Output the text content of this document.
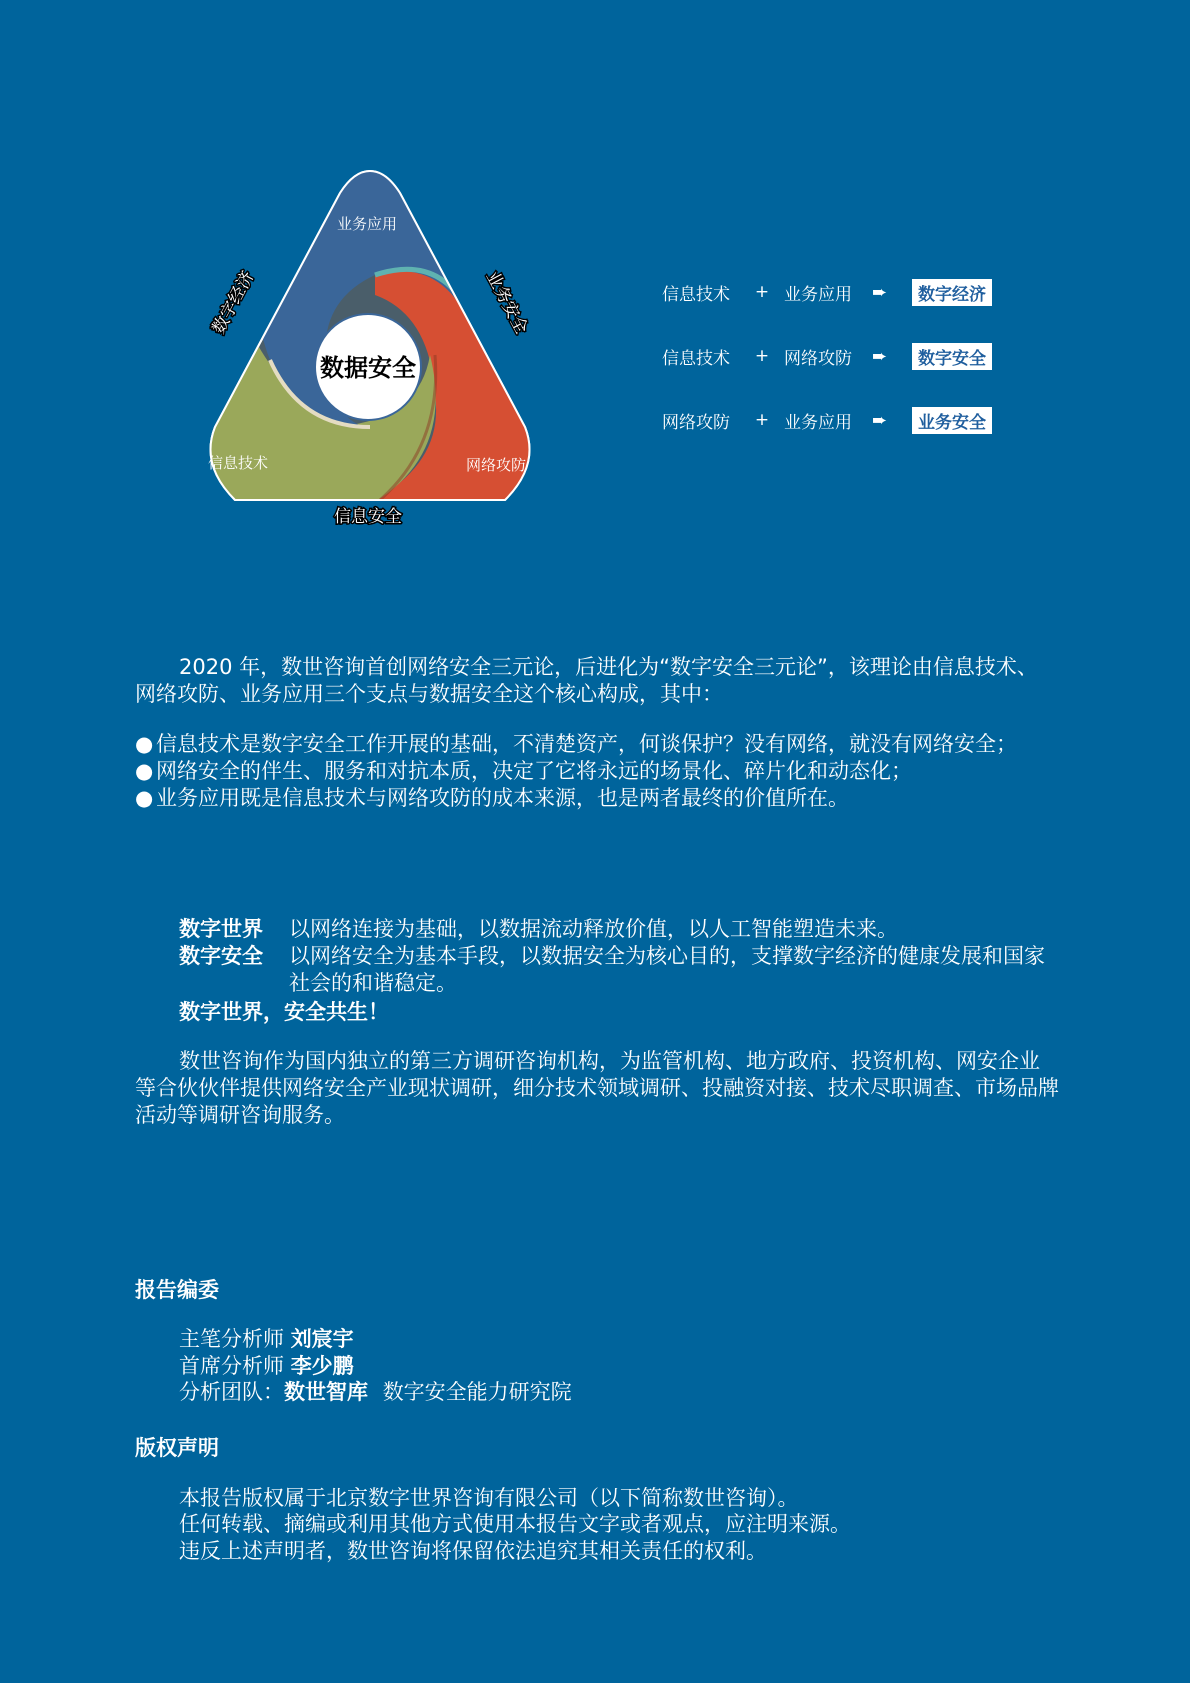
数据安全
业务应用
信息技术	网络攻防
数字经济	业务安全
信息安全
信息技术	+ 业务应用	➨	数字经济
信息技术	+ 网络攻防	➨	数字安全
网络攻防	+ 业务应用	➨	业务安全
2020 年，数世咨询首创网络安全三元论，后进化为“数字安全三元论”，该理论由信息技术、网络攻防、业务应用三个支点与数据安全这个核心构成，其中：
● 信息技术是数字安全工作开展的基础，不清楚资产，何谈保护？没有网络，就没有网络安全；
● 网络安全的伴生、服务和对抗本质，决定了它将永远的场景化、碎片化和动态化；
● 业务应用既是信息技术与网络攻防的成本来源，也是两者最终的价值所在。
数字世界	以网络连接为基础，以数据流动释放价值，以人工智能塑造未来。
数字安全	以网络安全为基本手段，以数据安全为核心目的，支撑数字经济的健康发展和国家社会的和谐稳定。
数字世界，安全共生！
数世咨询作为国内独立的第三方调研咨询机构，为监管机构、地方政府、投资机构、网安企业等合伙伙伴提供网络安全产业现状调研，细分技术领域调研、投融资对接、技术尽职调查、市场品牌活动等调研咨询服务。
报告编委
主笔分析师 刘宸宇
首席分析师 李少鹏
分析团队：数世智库 数字安全能力研究院
版权声明
本报告版权属于北京数字世界咨询有限公司（以下简称数世咨询）。
任何转载、摘编或利用其他方式使用本报告文字或者观点，应注明来源。
违反上述声明者，数世咨询将保留依法追究其相关责任的权利。
